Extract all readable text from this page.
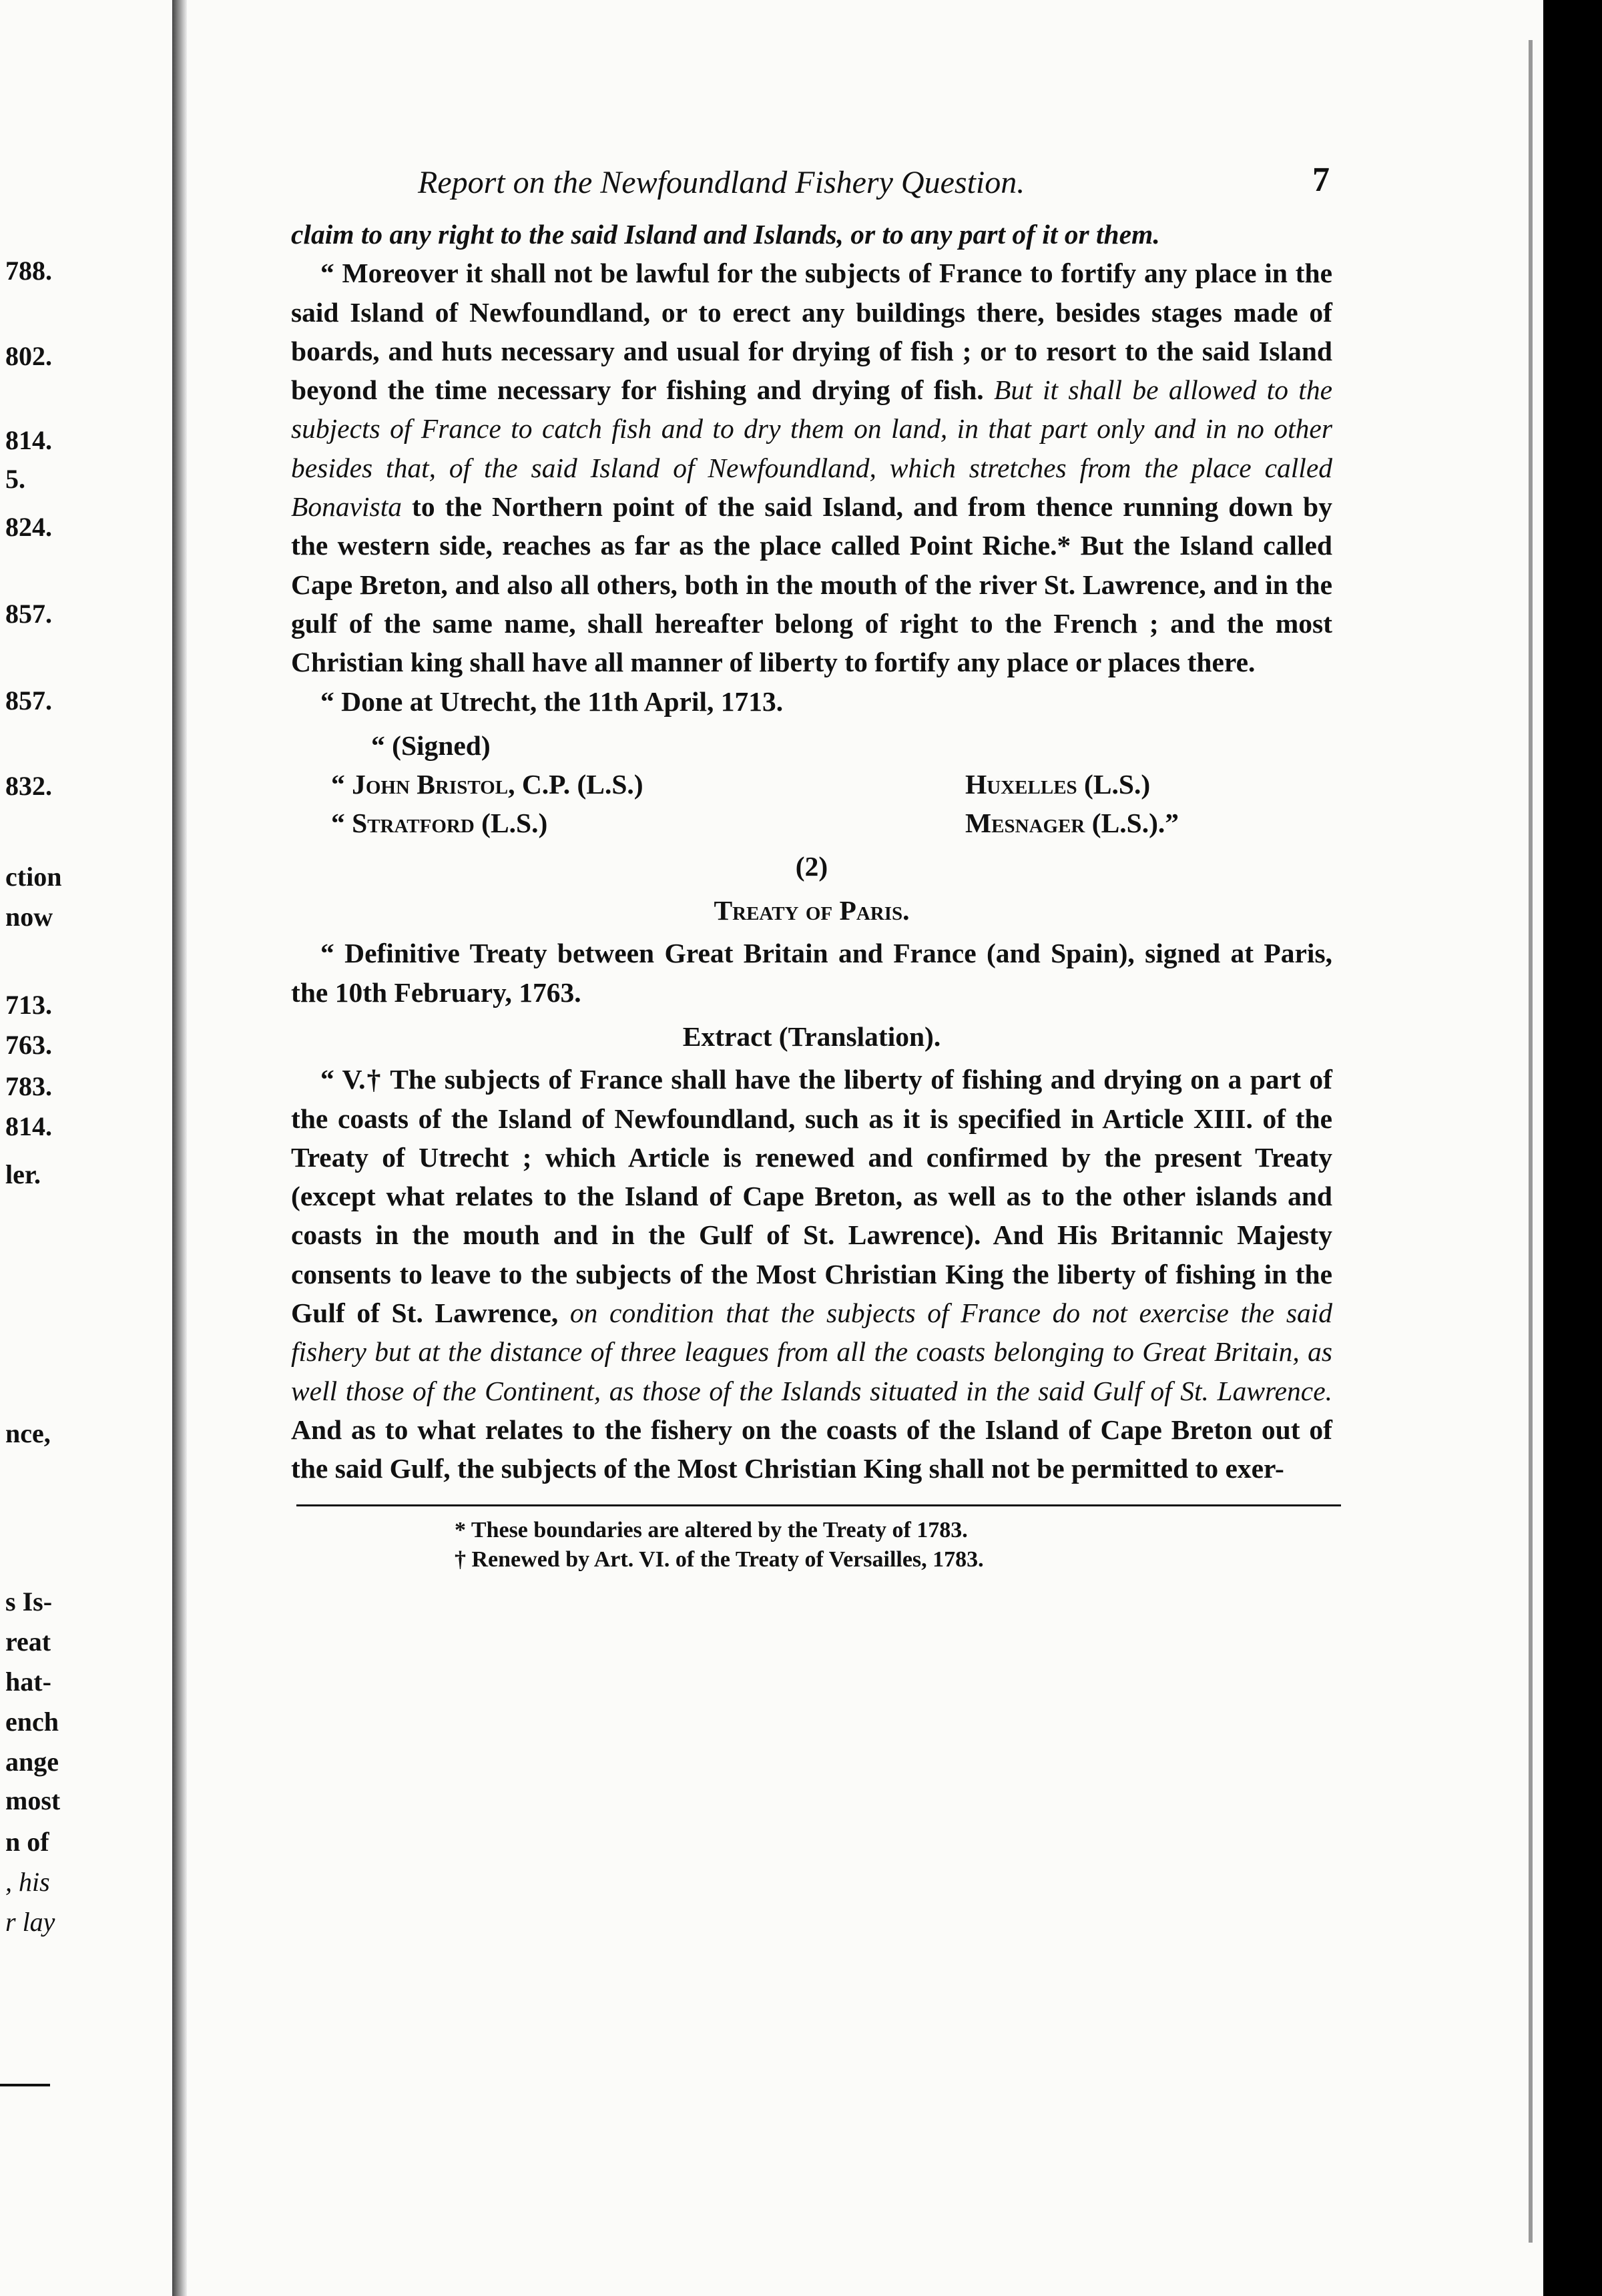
788.
802.
814.
5.
824.
857.
857.
832.
ction
now
713.
763.
783.
814.
ler.
nce,
s Is-
reat
hat-
ench
ange
most
n of
, his
r lay
Report on the Newfoundland Fishery Question.	7

claim to any right to the said Island and Islands, or to any part of it or them.

“ Moreover it shall not be lawful for the subjects of France to fortify any place in the said Island of Newfoundland, or to erect any buildings there, besides stages made of boards, and huts necessary and usual for drying of fish ; or to resort to the said Island beyond the time necessary for fishing and drying of fish. But it shall be allowed to the subjects of France to catch fish and to dry them on land, in that part only and in no other besides that, of the said Island of Newfoundland, which stretches from the place called Bonavista to the Northern point of the said Island, and from thence running down by the western side, reaches as far as the place called Point Riche.* But the Island called Cape Breton, and also all others, both in the mouth of the river St. Lawrence, and in the gulf of the same name, shall hereafter belong of right to the French ; and the most Christian king shall have all manner of liberty to fortify any place or places there.

“ Done at Utrecht, the 11th April, 1713.
“ (Signed)
“ John Bristol, C.P. (L.S.)	Huxelles (L.S.)
“ Stratford (L.S.)	Mesnager (L.S.).”
(2)
Treaty of Paris.

“ Definitive Treaty between Great Britain and France (and Spain), signed at Paris, the 10th February, 1763.

Extract (Translation).

“ V.† The subjects of France shall have the liberty of fishing and drying on a part of the coasts of the Island of Newfoundland, such as it is specified in Article XIII. of the Treaty of Utrecht ; which Article is renewed and confirmed by the present Treaty (except what relates to the Island of Cape Breton, as well as to the other islands and coasts in the mouth and in the Gulf of St. Lawrence). And His Britannic Majesty consents to leave to the subjects of the Most Christian King the liberty of fishing in the Gulf of St. Lawrence, on condition that the subjects of France do not exercise the said fishery but at the distance of three leagues from all the coasts belonging to Great Britain, as well those of the Continent, as those of the Islands situated in the said Gulf of St. Lawrence. And as to what relates to the fishery on the coasts of the Island of Cape Breton out of the said Gulf, the subjects of the Most Christian King shall not be permitted to exer-

* These boundaries are altered by the Treaty of 1783.
† Renewed by Art. VI. of the Treaty of Versailles, 1783.
